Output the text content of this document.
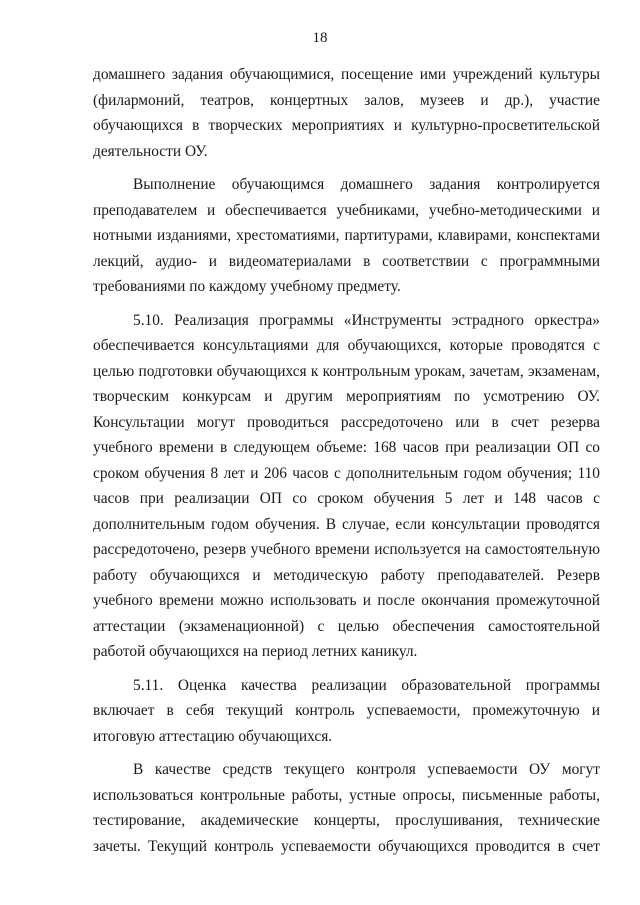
18
домашнего задания обучающимися, посещение ими учреждений культуры (филармоний, театров, концертных залов, музеев и др.), участие обучающихся в творческих мероприятиях и культурно-просветительской деятельности ОУ.
Выполнение обучающимся домашнего задания контролируется преподавателем и обеспечивается учебниками, учебно-методическими и нотными изданиями, хрестоматиями, партитурами, клавирами, конспектами лекций, аудио- и видеоматериалами в соответствии с программными требованиями по каждому учебному предмету.
5.10. Реализация программы «Инструменты эстрадного оркестра» обеспечивается консультациями для обучающихся, которые проводятся с целью подготовки обучающихся к контрольным урокам, зачетам, экзаменам, творческим конкурсам и другим мероприятиям по усмотрению ОУ. Консультации могут проводиться рассредоточено или в счет резерва учебного времени в следующем объеме: 168 часов при реализации ОП со сроком обучения 8 лет и 206 часов с дополнительным годом обучения; 110 часов при реализации ОП со сроком обучения 5 лет и 148 часов с дополнительным годом обучения. В случае, если консультации проводятся рассредоточено, резерв учебного времени используется на самостоятельную работу обучающихся и методическую работу преподавателей. Резерв учебного времени можно использовать и после окончания промежуточной аттестации (экзаменационной) с целью обеспечения самостоятельной работой обучающихся на период летних каникул.
5.11. Оценка качества реализации образовательной программы включает в себя текущий контроль успеваемости, промежуточную и итоговую аттестацию обучающихся.
В качестве средств текущего контроля успеваемости ОУ могут использоваться контрольные работы, устные опросы, письменные работы, тестирование, академические концерты, прослушивания, технические зачеты. Текущий контроль успеваемости обучающихся проводится в счет
